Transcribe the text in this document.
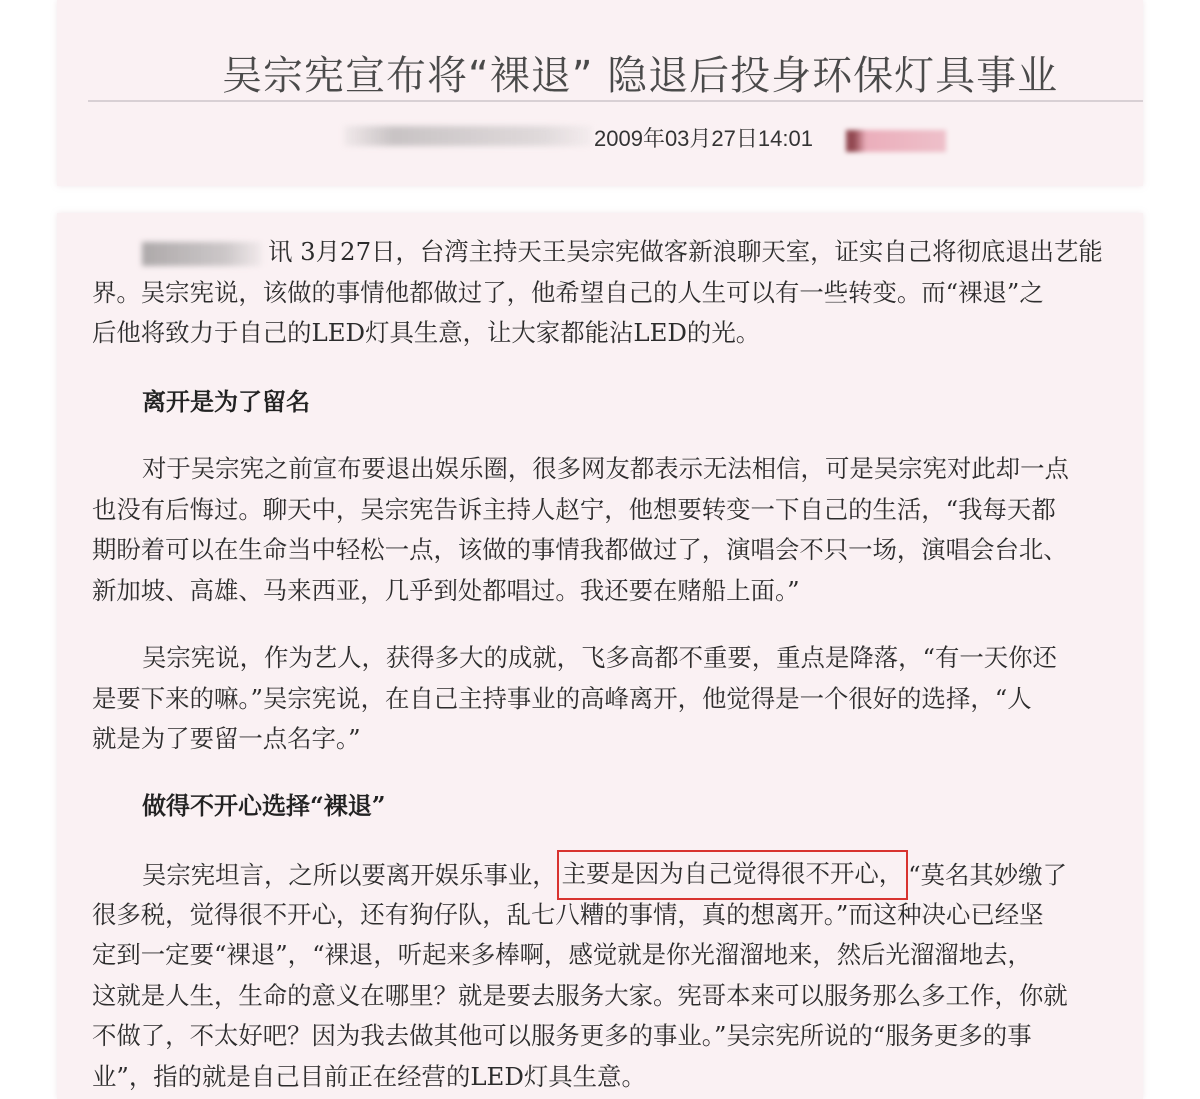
吴宗宪宣布将“裸退” 隐退后投身环保灯具事业
2009年03月27日14:01
讯 3月27日，台湾主持天王吴宗宪做客新浪聊天室，证实自己将彻底退出艺能
界。吴宗宪说，该做的事情他都做过了，他希望自己的人生可以有一些转变。而“裸退”之
后他将致力于自己的LED灯具生意，让大家都能沾LED的光。
离开是为了留名
对于吴宗宪之前宣布要退出娱乐圈，很多网友都表示无法相信，可是吴宗宪对此却一点
也没有后悔过。聊天中，吴宗宪告诉主持人赵宁，他想要转变一下自己的生活，“我每天都
期盼着可以在生命当中轻松一点，该做的事情我都做过了，演唱会不只一场，演唱会台北、
新加坡、高雄、马来西亚，几乎到处都唱过。我还要在赌船上面。”
吴宗宪说，作为艺人，获得多大的成就，飞多高都不重要，重点是降落，“有一天你还
是要下来的嘛。”吴宗宪说，在自己主持事业的高峰离开，他觉得是一个很好的选择，“人
就是为了要留一点名字。”
做得不开心选择“裸退”
吴宗宪坦言，之所以要离开娱乐事业， 主要是因为自己觉得很不开心， “莫名其妙缴了
很多税，觉得很不开心，还有狗仔队，乱七八糟的事情，真的想离开。”而这种决心已经坚
定到一定要“裸退”，“裸退，听起来多棒啊，感觉就是你光溜溜地来，然后光溜溜地去，
这就是人生，生命的意义在哪里？就是要去服务大家。宪哥本来可以服务那么多工作，你就
不做了，不太好吧？因为我去做其他可以服务更多的事业。”吴宗宪所说的“服务更多的事
业”，指的就是自己目前正在经营的LED灯具生意。
